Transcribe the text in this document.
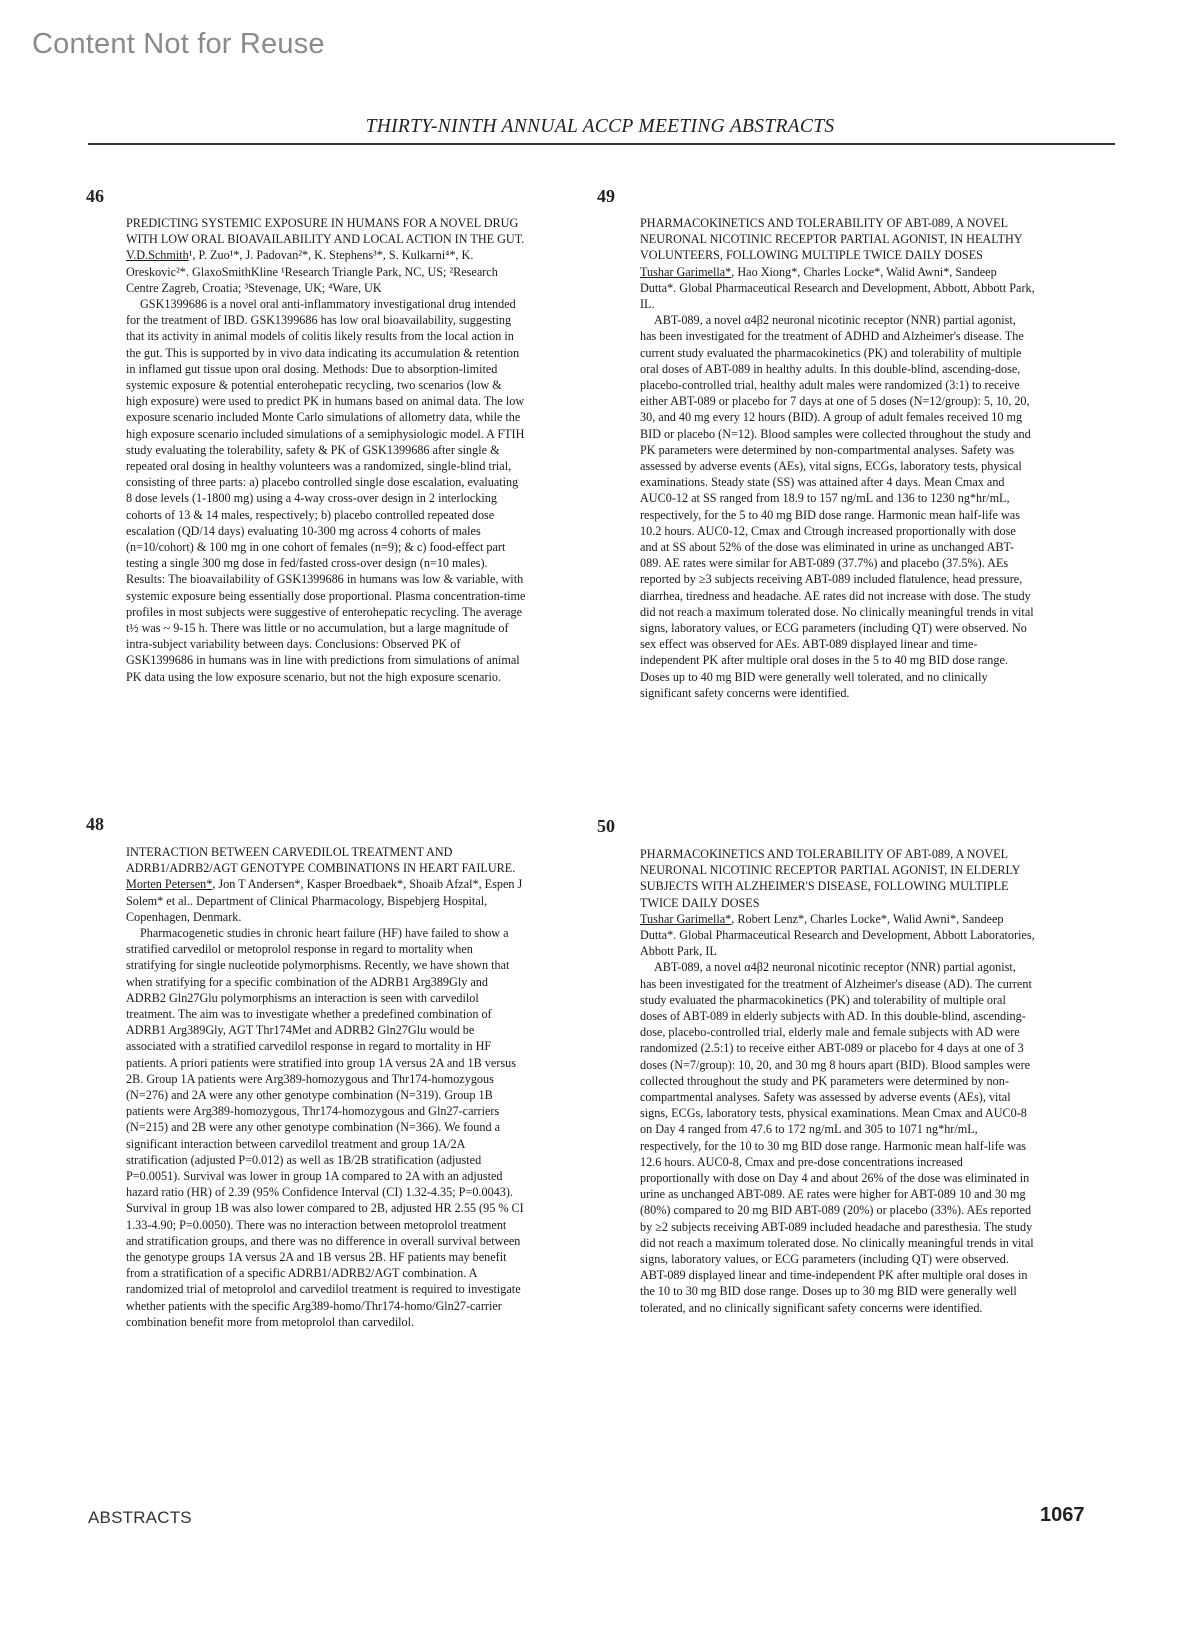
Content Not for Reuse
THIRTY-NINTH ANNUAL ACCP MEETING ABSTRACTS
46
PREDICTING SYSTEMIC EXPOSURE IN HUMANS FOR A NOVEL DRUG WITH LOW ORAL BIOAVAILABILITY AND LOCAL ACTION IN THE GUT. V.D.Schmith¹, P. Zuo¹*, J. Padovan²*, K. Stephens³*, S. Kulkarni⁴*, K. Oreskovic²*. GlaxoSmithKline ¹Research Triangle Park, NC, US; ²Research Centre Zagreb, Croatia; ³Stevenage, UK; ⁴Ware, UK
GSK1399686 is a novel oral anti-inflammatory investigational drug intended for the treatment of IBD. GSK1399686 has low oral bioavailability, suggesting that its activity in animal models of colitis likely results from the local action in the gut. This is supported by in vivo data indicating its accumulation & retention in inflamed gut tissue upon oral dosing. Methods: Due to absorption-limited systemic exposure & potential enterohepatic recycling, two scenarios (low & high exposure) were used to predict PK in humans based on animal data. The low exposure scenario included Monte Carlo simulations of allometry data, while the high exposure scenario included simulations of a semiphysiologic model. A FTIH study evaluating the tolerability, safety & PK of GSK1399686 after single & repeated oral dosing in healthy volunteers was a randomized, single-blind trial, consisting of three parts: a) placebo controlled single dose escalation, evaluating 8 dose levels (1-1800 mg) using a 4-way cross-over design in 2 interlocking cohorts of 13 & 14 males, respectively; b) placebo controlled repeated dose escalation (QD/14 days) evaluating 10-300 mg across 4 cohorts of males (n=10/cohort) & 100 mg in one cohort of females (n=9); & c) food-effect part testing a single 300 mg dose in fed/fasted cross-over design (n=10 males). Results: The bioavailability of GSK1399686 in humans was low & variable, with systemic exposure being essentially dose proportional. Plasma concentration-time profiles in most subjects were suggestive of enterohepatic recycling. The average t½ was ~ 9-15 h. There was little or no accumulation, but a large magnitude of intra-subject variability between days. Conclusions: Observed PK of GSK1399686 in humans was in line with predictions from simulations of animal PK data using the low exposure scenario, but not the high exposure scenario.
48
INTERACTION BETWEEN CARVEDILOL TREATMENT AND ADRB1/ADRB2/AGT GENOTYPE COMBINATIONS IN HEART FAILURE. Morten Petersen*, Jon T Andersen*, Kasper Broedbaek*, Shoaib Afzal*, Espen J Solem* et al.. Department of Clinical Pharmacology, Bispebjerg Hospital, Copenhagen, Denmark.
Pharmacogenetic studies in chronic heart failure (HF) have failed to show a stratified carvedilol or metoprolol response in regard to mortality when stratifying for single nucleotide polymorphisms. Recently, we have shown that when stratifying for a specific combination of the ADRB1 Arg389Gly and ADRB2 Gln27Glu polymorphisms an interaction is seen with carvedilol treatment. The aim was to investigate whether a predefined combination of ADRB1 Arg389Gly, AGT Thr174Met and ADRB2 Gln27Glu would be associated with a stratified carvedilol response in regard to mortality in HF patients. A priori patients were stratified into group 1A versus 2A and 1B versus 2B. Group 1A patients were Arg389-homozygous and Thr174-homozygous (N=276) and 2A were any other genotype combination (N=319). Group 1B patients were Arg389-homozygous, Thr174-homozygous and Gln27-carriers (N=215) and 2B were any other genotype combination (N=366). We found a significant interaction between carvedilol treatment and group 1A/2A stratification (adjusted P=0.012) as well as 1B/2B stratification (adjusted P=0.0051). Survival was lower in group 1A compared to 2A with an adjusted hazard ratio (HR) of 2.39 (95% Confidence Interval (CI) 1.32-4.35; P=0.0043). Survival in group 1B was also lower compared to 2B, adjusted HR 2.55 (95 % CI 1.33-4.90; P=0.0050). There was no interaction between metoprolol treatment and stratification groups, and there was no difference in overall survival between the genotype groups 1A versus 2A and 1B versus 2B. HF patients may benefit from a stratification of a specific ADRB1/ADRB2/AGT combination. A randomized trial of metoprolol and carvedilol treatment is required to investigate whether patients with the specific Arg389-homo/Thr174-homo/Gln27-carrier combination benefit more from metoprolol than carvedilol.
49
PHARMACOKINETICS AND TOLERABILITY OF ABT-089, A NOVEL NEURONAL NICOTINIC RECEPTOR PARTIAL AGONIST, IN HEALTHY VOLUNTEERS, FOLLOWING MULTIPLE TWICE DAILY DOSES
Tushar Garimella*, Hao Xiong*, Charles Locke*, Walid Awni*, Sandeep Dutta*. Global Pharmaceutical Research and Development, Abbott, Abbott Park, IL.
ABT-089, a novel α4β2 neuronal nicotinic receptor (NNR) partial agonist, has been investigated for the treatment of ADHD and Alzheimer's disease. The current study evaluated the pharmacokinetics (PK) and tolerability of multiple oral doses of ABT-089 in healthy adults. In this double-blind, ascending-dose, placebo-controlled trial, healthy adult males were randomized (3:1) to receive either ABT-089 or placebo for 7 days at one of 5 doses (N=12/group): 5, 10, 20, 30, and 40 mg every 12 hours (BID). A group of adult females received 10 mg BID or placebo (N=12). Blood samples were collected throughout the study and PK parameters were determined by non-compartmental analyses. Safety was assessed by adverse events (AEs), vital signs, ECGs, laboratory tests, physical examinations. Steady state (SS) was attained after 4 days. Mean Cmax and AUC0-12 at SS ranged from 18.9 to 157 ng/mL and 136 to 1230 ng*hr/mL, respectively, for the 5 to 40 mg BID dose range. Harmonic mean half-life was 10.2 hours. AUC0-12, Cmax and Ctrough increased proportionally with dose and at SS about 52% of the dose was eliminated in urine as unchanged ABT-089. AE rates were similar for ABT-089 (37.7%) and placebo (37.5%). AEs reported by ≥3 subjects receiving ABT-089 included flatulence, head pressure, diarrhea, tiredness and headache. AE rates did not increase with dose. The study did not reach a maximum tolerated dose. No clinically meaningful trends in vital signs, laboratory values, or ECG parameters (including QT) were observed. No sex effect was observed for AEs. ABT-089 displayed linear and time-independent PK after multiple oral doses in the 5 to 40 mg BID dose range. Doses up to 40 mg BID were generally well tolerated, and no clinically significant safety concerns were identified.
50
PHARMACOKINETICS AND TOLERABILITY OF ABT-089, A NOVEL NEURONAL NICOTINIC RECEPTOR PARTIAL AGONIST, IN ELDERLY SUBJECTS WITH ALZHEIMER'S DISEASE, FOLLOWING MULTIPLE TWICE DAILY DOSES
Tushar Garimella*, Robert Lenz*, Charles Locke*, Walid Awni*, Sandeep Dutta*. Global Pharmaceutical Research and Development, Abbott Laboratories, Abbott Park, IL
ABT-089, a novel α4β2 neuronal nicotinic receptor (NNR) partial agonist, has been investigated for the treatment of Alzheimer's disease (AD). The current study evaluated the pharmacokinetics (PK) and tolerability of multiple oral doses of ABT-089 in elderly subjects with AD. In this double-blind, ascending-dose, placebo-controlled trial, elderly male and female subjects with AD were randomized (2.5:1) to receive either ABT-089 or placebo for 4 days at one of 3 doses (N=7/group): 10, 20, and 30 mg 8 hours apart (BID). Blood samples were collected throughout the study and PK parameters were determined by non-compartmental analyses. Safety was assessed by adverse events (AEs), vital signs, ECGs, laboratory tests, physical examinations. Mean Cmax and AUC0-8 on Day 4 ranged from 47.6 to 172 ng/mL and 305 to 1071 ng*hr/mL, respectively, for the 10 to 30 mg BID dose range. Harmonic mean half-life was 12.6 hours. AUC0-8, Cmax and pre-dose concentrations increased proportionally with dose on Day 4 and about 26% of the dose was eliminated in urine as unchanged ABT-089. AE rates were higher for ABT-089 10 and 30 mg (80%) compared to 20 mg BID ABT-089 (20%) or placebo (33%). AEs reported by ≥2 subjects receiving ABT-089 included headache and paresthesia. The study did not reach a maximum tolerated dose. No clinically meaningful trends in vital signs, laboratory values, or ECG parameters (including QT) were observed. ABT-089 displayed linear and time-independent PK after multiple oral doses in the 10 to 30 mg BID dose range. Doses up to 30 mg BID were generally well tolerated, and no clinically significant safety concerns were identified.
ABSTRACTS	1067
